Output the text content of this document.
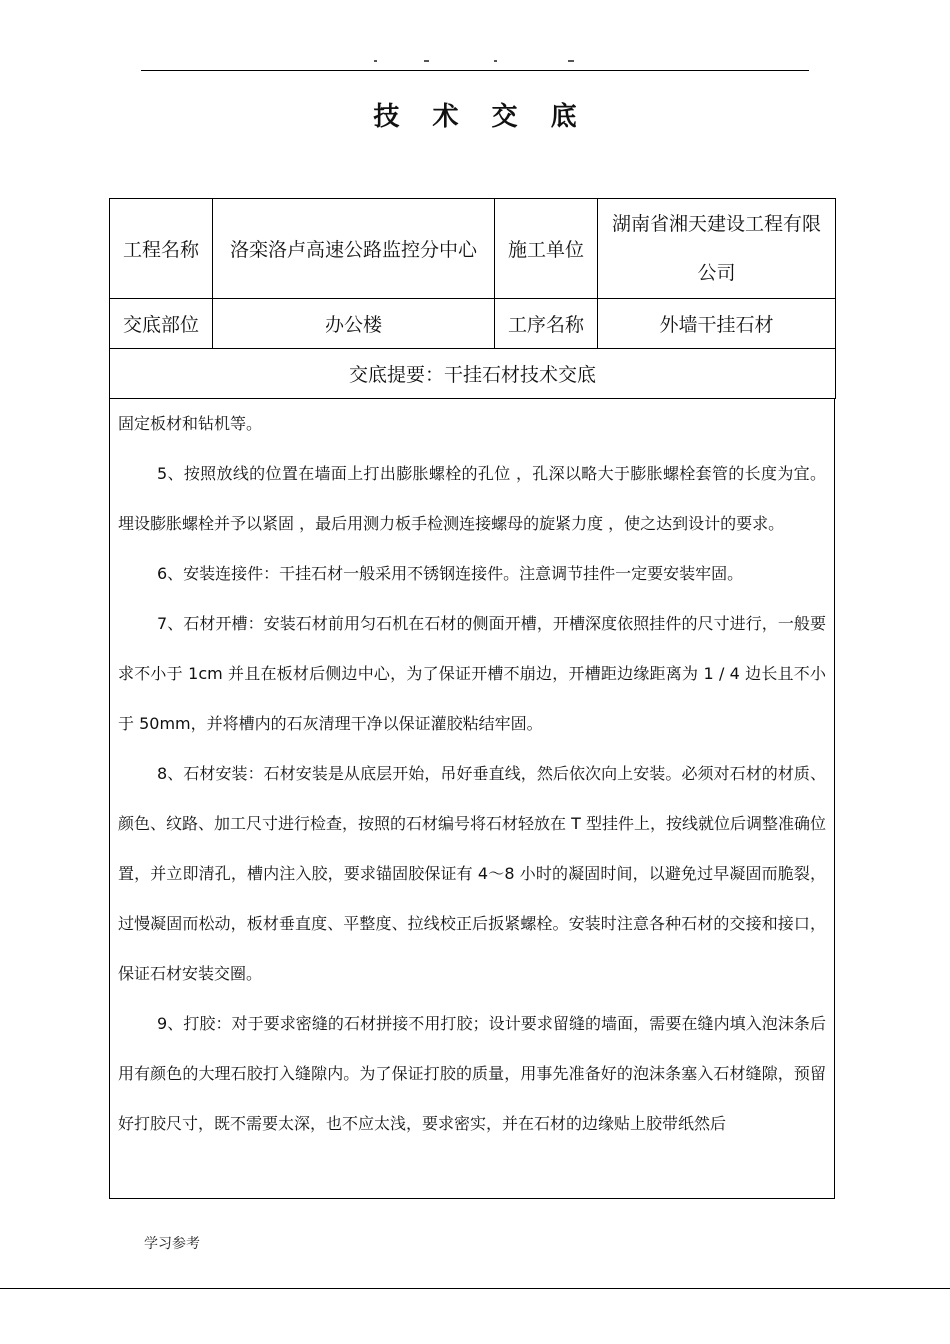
技 术 交 底
工程名称	洛栾洛卢高速公路监控分中心	施工单位	湖南省湘天建设工程有限
公司

交底部位	办公楼	工序名称	外墙干挂石材
交底提要：干挂石材技术交底			

固定板材和钻机等。

5、按照放线的位置在墙面上打出膨胀螺栓的孔位 ，孔深以略大于膨胀螺栓套管的长度为宜。埋设膨胀螺栓并予以紧固 ，最后用测力板手检测连接螺母的旋紧力度 ，使之达到设计的要求。

6、安装连接件：干挂石材一般采用不锈钢连接件。注意调节挂件一定要安装牢固。

7、石材开槽：安装石材前用匀石机在石材的侧面开槽，开槽深度依照挂件的尺寸进行，一般要求不小于 1cm 并且在板材后侧边中心，为了保证开槽不崩边，开槽距边缘距离为 1 / 4 边长且不小于 50mm，并将槽内的石灰清理干净以保证灌胶粘结牢固。

8、石材安装：石材安装是从底层开始，吊好垂直线，然后依次向上安装。必须对石材的材质、颜色、纹路、加工尺寸进行检查，按照的石材编号将石材轻放在 T 型挂件上，按线就位后调整准确位置，并立即清孔，槽内注入胶，要求锚固胶保证有 4～8 小时的凝固时间，以避免过早凝固而脆裂，过慢凝固而松动，板材垂直度、平整度、拉线校正后扳紧螺栓。安装时注意各种石材的交接和接口，保证石材安装交圈。

9、打胶：对于要求密缝的石材拼接不用打胶；设计要求留缝的墙面，需要在缝内填入泡沫条后用有颜色的大理石胶打入缝隙内。为了保证打胶的质量，用事先准备好的泡沫条塞入石材缝隙，预留好打胶尺寸，既不需要太深，也不应太浅，要求密实，并在石材的边缘贴上胶带纸然后

学习参考
